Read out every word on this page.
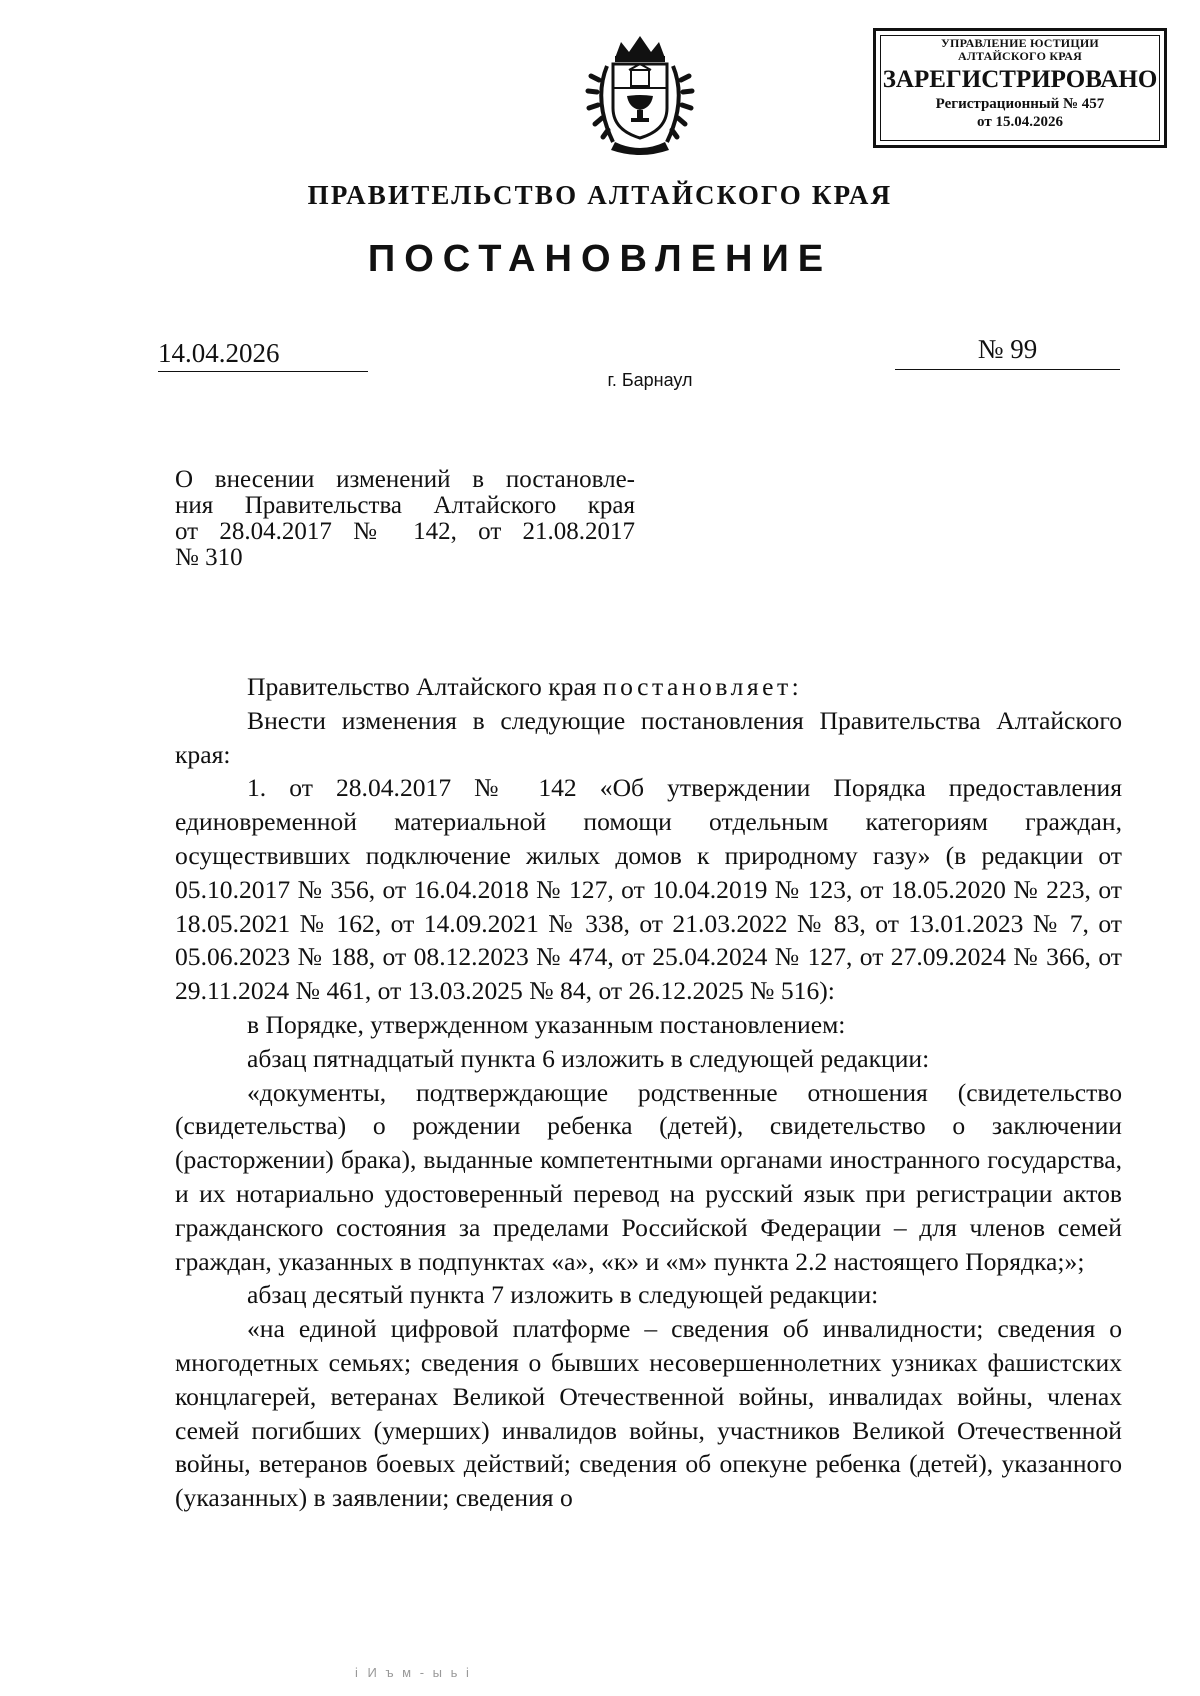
УПРАВЛЕНИЕ ЮСТИЦИИ АЛТАЙСКОГО КРАЯ
ЗАРЕГИСТРИРОВАНО
Регистрационный № 457
от 15.04.2026
ПРАВИТЕЛЬСТВО АЛТАЙСКОГО КРАЯ
ПОСТАНОВЛЕНИЕ
14.04.2026	№ 99
г. Барнаул
О внесении изменений в постановле-
ния Правительства Алтайского края
от 28.04.2017 № 142, от 21.08.2017
№ 310

Правительство Алтайского края постановляет:

Внести изменения в следующие постановления Правительства Алтайского края:

1. от 28.04.2017 № 142 «Об утверждении Порядка предоставления единовременной материальной помощи отдельным категориям граждан, осуществивших подключение жилых домов к природному газу» (в редакции от 05.10.2017 № 356, от 16.04.2018 № 127, от 10.04.2019 № 123, от 18.05.2020 № 223, от 18.05.2021 № 162, от 14.09.2021 № 338, от 21.03.2022 № 83, от 13.01.2023 № 7, от 05.06.2023 № 188, от 08.12.2023 № 474, от 25.04.2024 № 127, от 27.09.2024 № 366, от 29.11.2024 № 461, от 13.03.2025 № 84, от 26.12.2025 № 516):

в Порядке, утвержденном указанным постановлением:

абзац пятнадцатый пункта 6 изложить в следующей редакции:

«документы, подтверждающие родственные отношения (свидетельство (свидетельства) о рождении ребенка (детей), свидетельство о заключении (расторжении) брака), выданные компетентными органами иностранного государства, и их нотариально удостоверенный перевод на русский язык при регистрации актов гражданского состояния за пределами Российской Федерации – для членов семей граждан, указанных в подпунктах «а», «к» и «м» пункта 2.2 настоящего Порядка;»;

абзац десятый пункта 7 изложить в следующей редакции:

«на единой цифровой платформе – сведения об инвалидности; сведения о многодетных семьях; сведения о бывших несовершеннолетних узниках фашистских концлагерей, ветеранах Великой Отечественной войны, инвалидах войны, членах семей погибших (умерших) инвалидов войны, участников Великой Отечественной войны, ветеранов боевых действий; сведения об опекуне ребенка (детей), указанного (указанных) в заявлении; сведения о

і И ъ м - ы ь і
